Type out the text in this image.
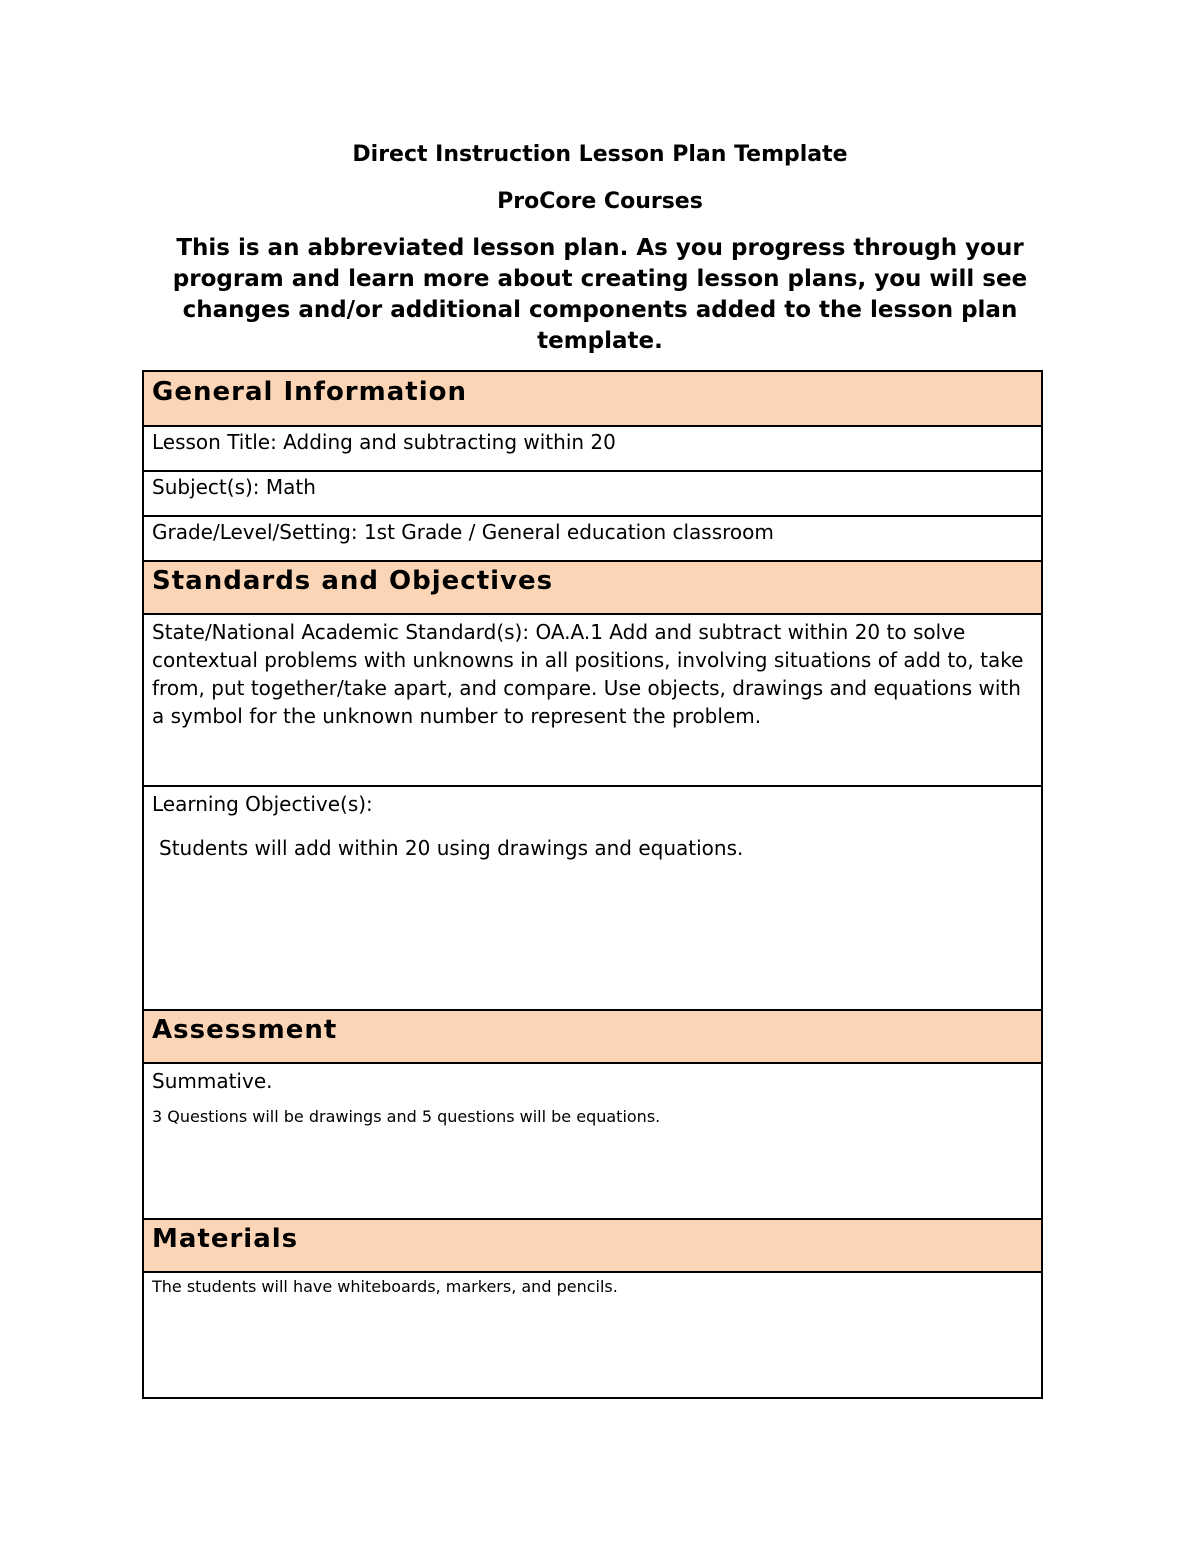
Direct Instruction Lesson Plan Template
ProCore Courses
This is an abbreviated lesson plan. As you progress through your program and learn more about creating lesson plans, you will see changes and/or additional components added to the lesson plan template.
General Information
Lesson Title: Adding and subtracting within 20
Subject(s): Math
Grade/Level/Setting: 1st Grade / General education classroom
Standards and Objectives
State/National Academic Standard(s): OA.A.1 Add and subtract within 20 to solve contextual problems with unknowns in all positions, involving situations of add to, take from, put together/take apart, and compare. Use objects, drawings and equations with a symbol for the unknown number to represent the problem.
Learning Objective(s):
Students will add within 20 using drawings and equations.
Assessment
Summative.
3 Questions will be drawings and 5 questions will be equations.
Materials
The students will have whiteboards, markers, and pencils.
